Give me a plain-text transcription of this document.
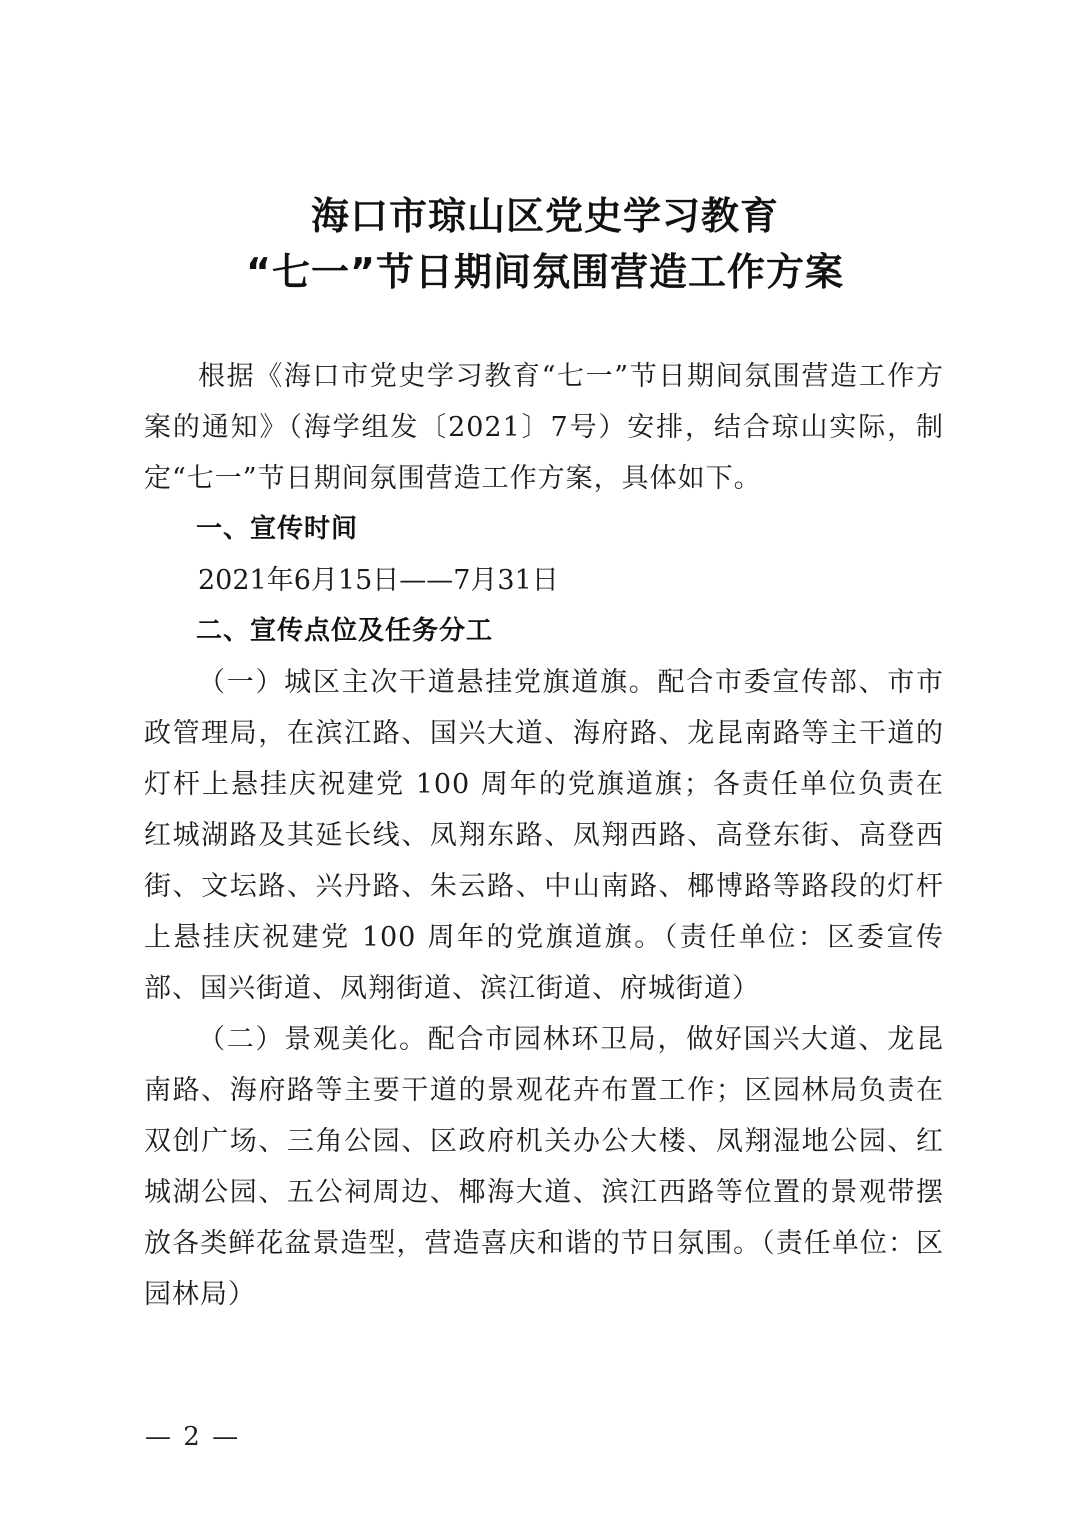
海口市琼山区党史学习教育
“七一”节日期间氛围营造工作方案

根据《海口市党史学习教育“七一”节日期间氛围营造工作方案的通知》（海学组发〔2021〕7号）安排，结合琼山实际，制定“七一”节日期间氛围营造工作方案，具体如下。

一、宣传时间

2021年6月15日——7月31日

二、宣传点位及任务分工

（一）城区主次干道悬挂党旗道旗。配合市委宣传部、市市政管理局，在滨江路、国兴大道、海府路、龙昆南路等主干道的灯杆上悬挂庆祝建党 100 周年的党旗道旗；各责任单位负责在红城湖路及其延长线、凤翔东路、凤翔西路、高登东街、高登西街、文坛路、兴丹路、朱云路、中山南路、椰博路等路段的灯杆上悬挂庆祝建党 100 周年的党旗道旗。（责任单位：区委宣传部、国兴街道、凤翔街道、滨江街道、府城街道）

（二）景观美化。配合市园林环卫局，做好国兴大道、龙昆南路、海府路等主要干道的景观花卉布置工作；区园林局负责在双创广场、三角公园、区政府机关办公大楼、凤翔湿地公园、红城湖公园、五公祠周边、椰海大道、滨江西路等位置的景观带摆放各类鲜花盆景造型，营造喜庆和谐的节日氛围。（责任单位：区园林局）

— 2 —
